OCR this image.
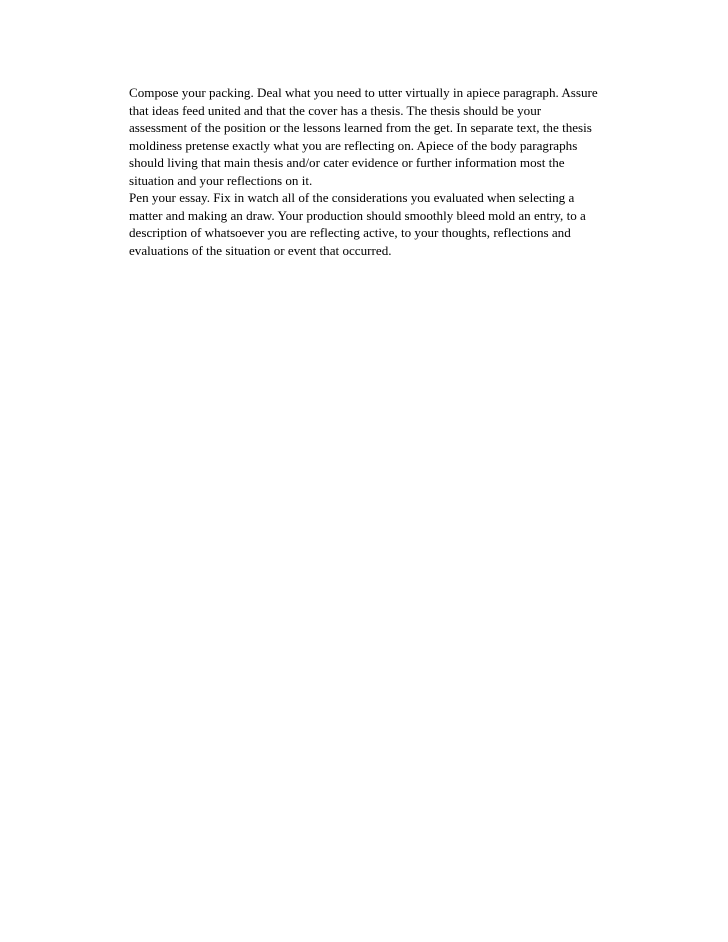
Compose your packing. Deal what you need to utter virtually in apiece paragraph. Assure
that ideas feed united and that the cover has a thesis. The thesis should be your
assessment of the position or the lessons learned from the get. In separate text, the thesis
moldiness pretense exactly what you are reflecting on. Apiece of the body paragraphs
should living that main thesis and/or cater evidence or further information most the
situation and your reflections on it.
Pen your essay. Fix in watch all of the considerations you evaluated when selecting a
matter and making an draw. Your production should smoothly bleed mold an entry, to a
description of whatsoever you are reflecting active, to your thoughts, reflections and
evaluations of the situation or event that occurred.
